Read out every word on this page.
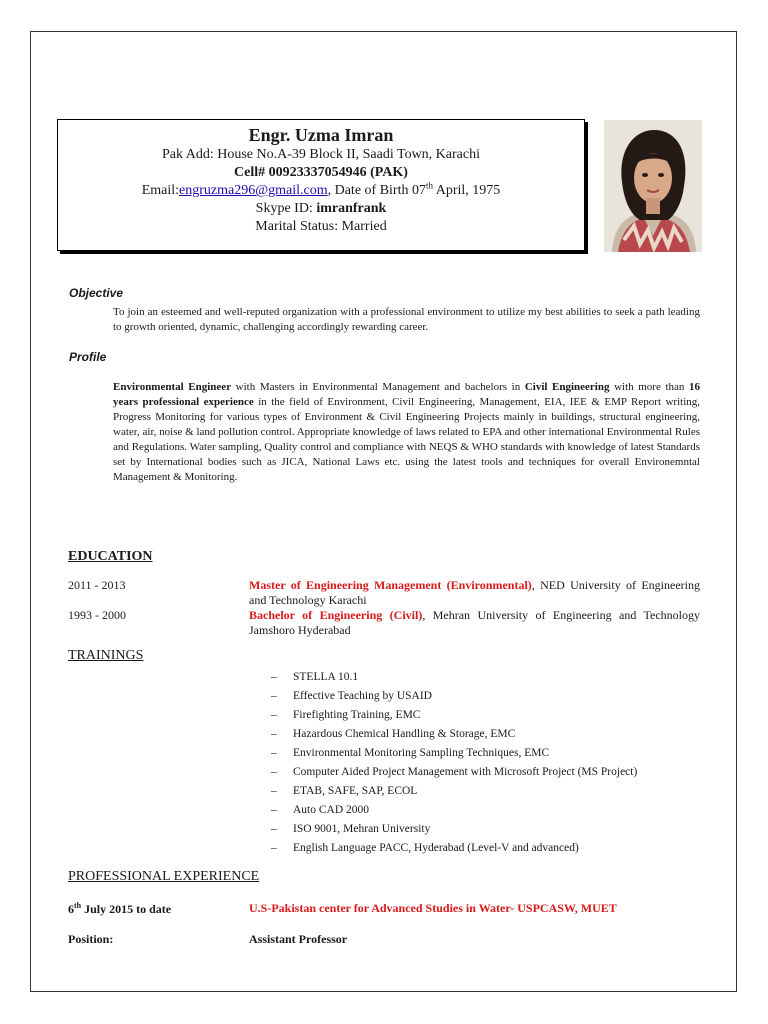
Engr. Uzma Imran
Pak Add: House No.A-39 Block II, Saadi Town, Karachi
Cell# 00923337054946 (PAK)
Email:engruzma296@gmail.com, Date of Birth 07th April, 1975
Skype ID: imranfrank
Marital Status: Married
Objective
To join an esteemed and well-reputed organization with a professional environment to utilize my best abilities to seek a path leading to growth oriented, dynamic, challenging accordingly rewarding career.
Profile
Environmental Engineer with Masters in Environmental Management and bachelors in Civil Engineering with more than 16 years professional experience in the field of Environment, Civil Engineering, Management, EIA, IEE & EMP Report writing, Progress Monitoring for various types of Environment & Civil Engineering Projects mainly in buildings, structural engineering, water, air, noise & land pollution control. Appropriate knowledge of laws related to EPA and other international Environmental Rules and Regulations. Water sampling, Quality control and compliance with NEQS & WHO standards with knowledge of latest Standards set by International bodies such as JICA, National Laws etc. using the latest tools and techniques for overall Environemntal Management & Monitoring.
EDUCATION
2011 - 2013	Master of Engineering Management (Environmental), NED University of Engineering and Technology Karachi
1993 - 2000	Bachelor of Engineering (Civil), Mehran University of Engineering and Technology Jamshoro Hyderabad
TRAININGS
– STELLA 10.1
– Effective Teaching by USAID
– Firefighting Training, EMC
– Hazardous Chemical Handling & Storage, EMC
– Environmental Monitoring Sampling Techniques, EMC
– Computer Aided Project Management with Microsoft Project (MS Project)
– ETAB, SAFE, SAP, ECOL
– Auto CAD 2000
– ISO 9001, Mehran University
– English Language PACC, Hyderabad (Level-V and advanced)
PROFESSIONAL EXPERIENCE
6th July 2015 to date	U.S-Pakistan center for Advanced Studies in Water- USPCASW, MUET
Position:	Assistant Professor
